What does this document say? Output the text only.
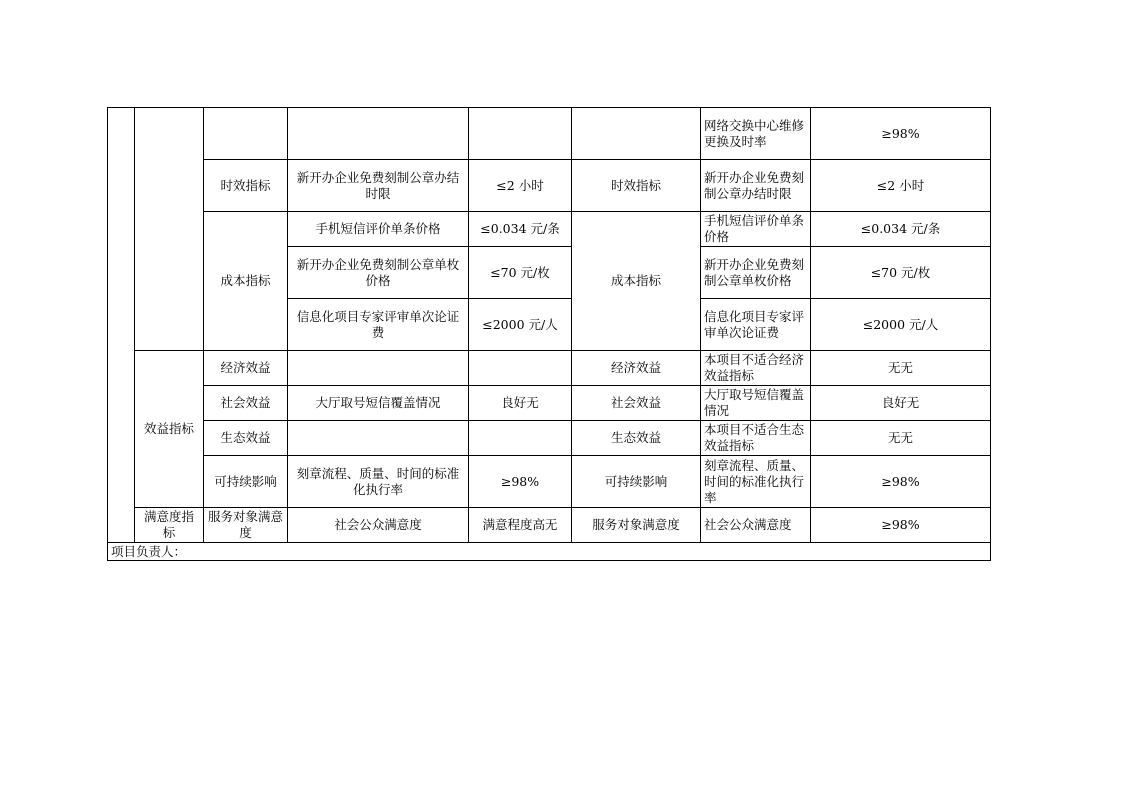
						网络交换中心维修更换及时率	≥98%
		时效指标	新开办企业免费刻制公章办结时限	≤2 小时	时效指标	新开办企业免费刻制公章办结时限	≤2 小时
		成本指标	手机短信评价单条价格	≤0.034 元/条	成本指标	手机短信评价单条价格	≤0.034 元/条
			新开办企业免费刻制公章单枚价格	≤70 元/枚		新开办企业免费刻制公章单枚价格	≤70 元/枚
			信息化项目专家评审单次论证费	≤2000 元/人		信息化项目专家评审单次论证费	≤2000 元/人
	效益指标	经济效益			经济效益	本项目不适合经济效益指标	无无
		社会效益	大厅取号短信覆盖情况	良好无	社会效益	大厅取号短信覆盖情况	良好无
		生态效益			生态效益	本项目不适合生态效益指标	无无
		可持续影响	刻章流程、质量、时间的标准化执行率	≥98%	可持续影响	刻章流程、质量、时间的标准化执行率	≥98%
	满意度指标	服务对象满意度	社会公众满意度	满意程度高无	服务对象满意度	社会公众满意度	≥98%
项目负责人：							
